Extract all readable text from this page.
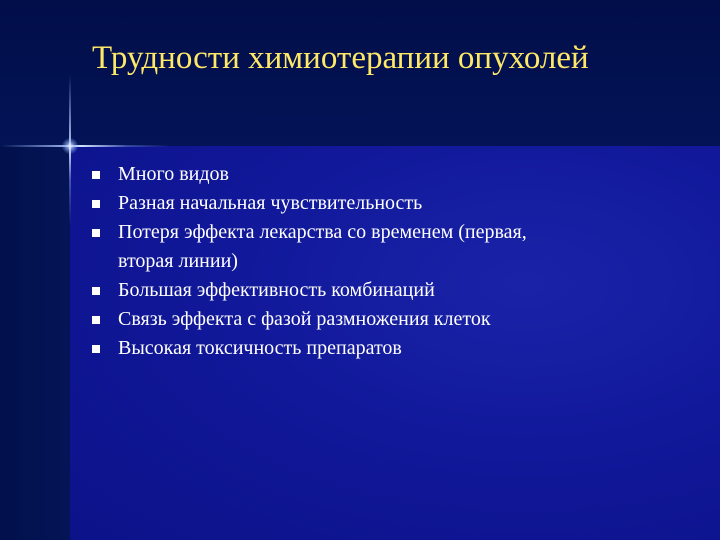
Трудности химиотерапии опухолей
Много видов
Разная начальная чувствительность
Потеря эффекта лекарства со временем (первая,
вторая линии)
Большая эффективность комбинаций
Связь эффекта с фазой размножения клеток
Высокая токсичность препаратов
